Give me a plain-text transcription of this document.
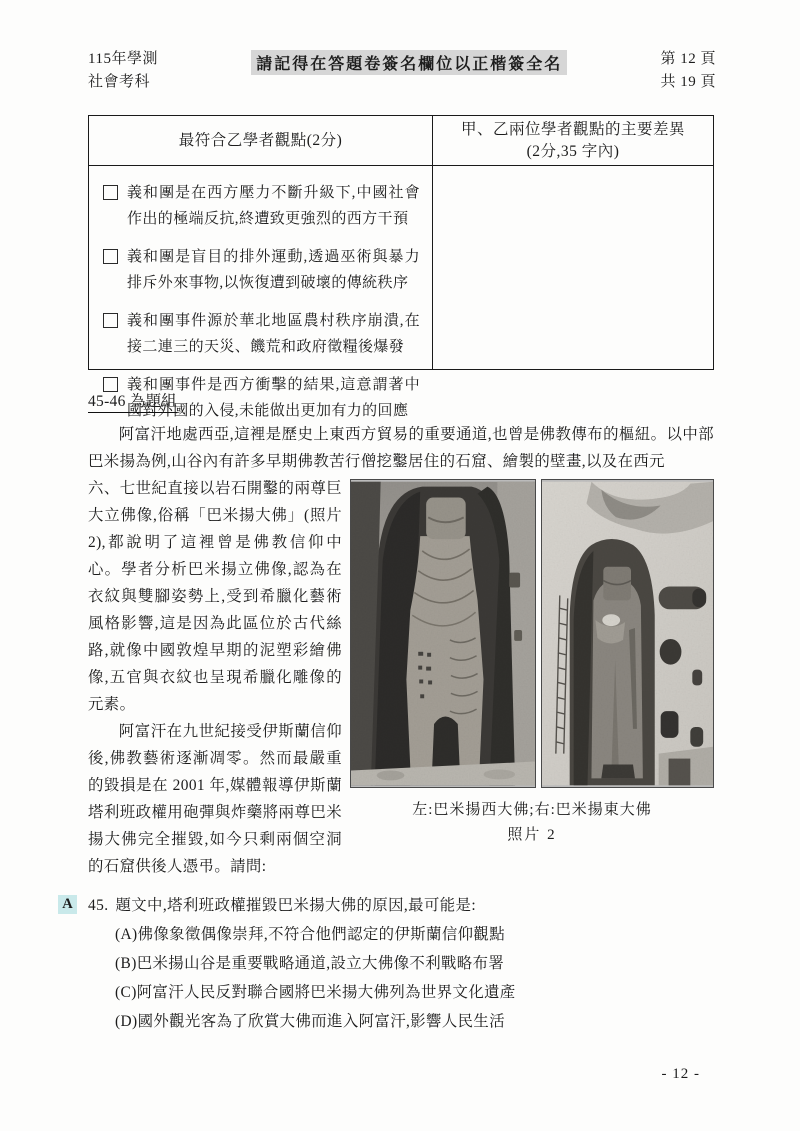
115年學測
社會考科
請記得在答題卷簽名欄位以正楷簽全名	第 12 頁
共 19 頁
最符合乙學者觀點(2分)
甲、乙兩位學者觀點的主要差異
(2分,35 字內)
義和團是在西方壓力不斷升級下,中國社會作出的極端反抗,終遭致更強烈的西方干預
義和團是盲目的排外運動,透過巫術與暴力排斥外來事物,以恢復遭到破壞的傳統秩序
義和團事件源於華北地區農村秩序崩潰,在接二連三的天災、饑荒和政府徵糧後爆發
義和團事件是西方衝擊的結果,這意謂著中國對外國的入侵,未能做出更加有力的回應
45-46 為題組

阿富汗地處西亞,這裡是歷史上東西方貿易的重要通道,也曾是佛教傳布的樞紐。以中部巴米揚為例,山谷內有許多早期佛教苦行僧挖鑿居住的石窟、繪製的壁畫,以及在西元

左:巴米揚西大佛;右:巴米揚東大佛
照片 2

六、七世紀直接以岩石開鑿的兩尊巨大立佛像,俗稱「巴米揚大佛」(照片 2),都說明了這裡曾是佛教信仰中心。學者分析巴米揚立佛像,認為在衣紋與雙腳姿勢上,受到希臘化藝術風格影響,這是因為此區位於古代絲路,就像中國敦煌早期的泥塑彩繪佛像,五官與衣紋也呈現希臘化雕像的元素。

阿富汗在九世紀接受伊斯蘭信仰後,佛教藝術逐漸凋零。然而最嚴重的毀損是在 2001 年,媒體報導伊斯蘭塔利班政權用砲彈與炸藥將兩尊巴米揚大佛完全摧毀,如今只剩兩個空洞的石窟供後人憑弔。請問:

A 45. 題文中,塔利班政權摧毀巴米揚大佛的原因,最可能是:

(A)佛像象徵偶像崇拜,不符合他們認定的伊斯蘭信仰觀點
(B)巴米揚山谷是重要戰略通道,設立大佛像不利戰略布署
(C)阿富汗人民反對聯合國將巴米揚大佛列為世界文化遺產
(D)國外觀光客為了欣賞大佛而進入阿富汗,影響人民生活
- 12 -
